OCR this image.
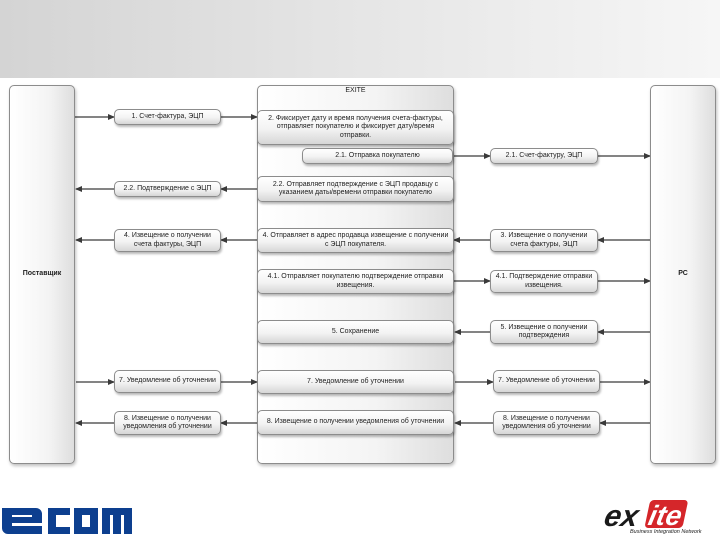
Поставщик	РС
EXITE
1. Счет-фактура, ЭЦП
2.2. Подтверждение с ЭЦП
4. Извещение о получении счета фактуры, ЭЦП
7. Уведомление об уточнении
8. Извещение о получении уведомления об уточнении
2. Фиксирует дату и время получения счета-фактуры, отправляет покупателю и фиксирует дату/время отправки.
2.1. Отправка покупателю
2.2. Отправляет подтверждение с ЭЦП продавцу с указанием даты/времени отправки покупателю
4. Отправляет в адрес продавца извещение с получении с ЭЦП покупателя.
4.1. Отправляет покупателю подтверждение отправки извещения.
5. Сохранение
7. Уведомление об уточнении
8. Извещение о получении уведомления об уточнении
2.1. Счет-фактуру, ЭЦП
3. Извещение о получении счета фактуры, ЭЦП
4.1. Подтверждение отправки извещения.
5. Извещение о получении подтверждения
7. Уведомление об уточнении
8. Извещение о получении уведомления об уточнении
ex ite
Business Integration Network
